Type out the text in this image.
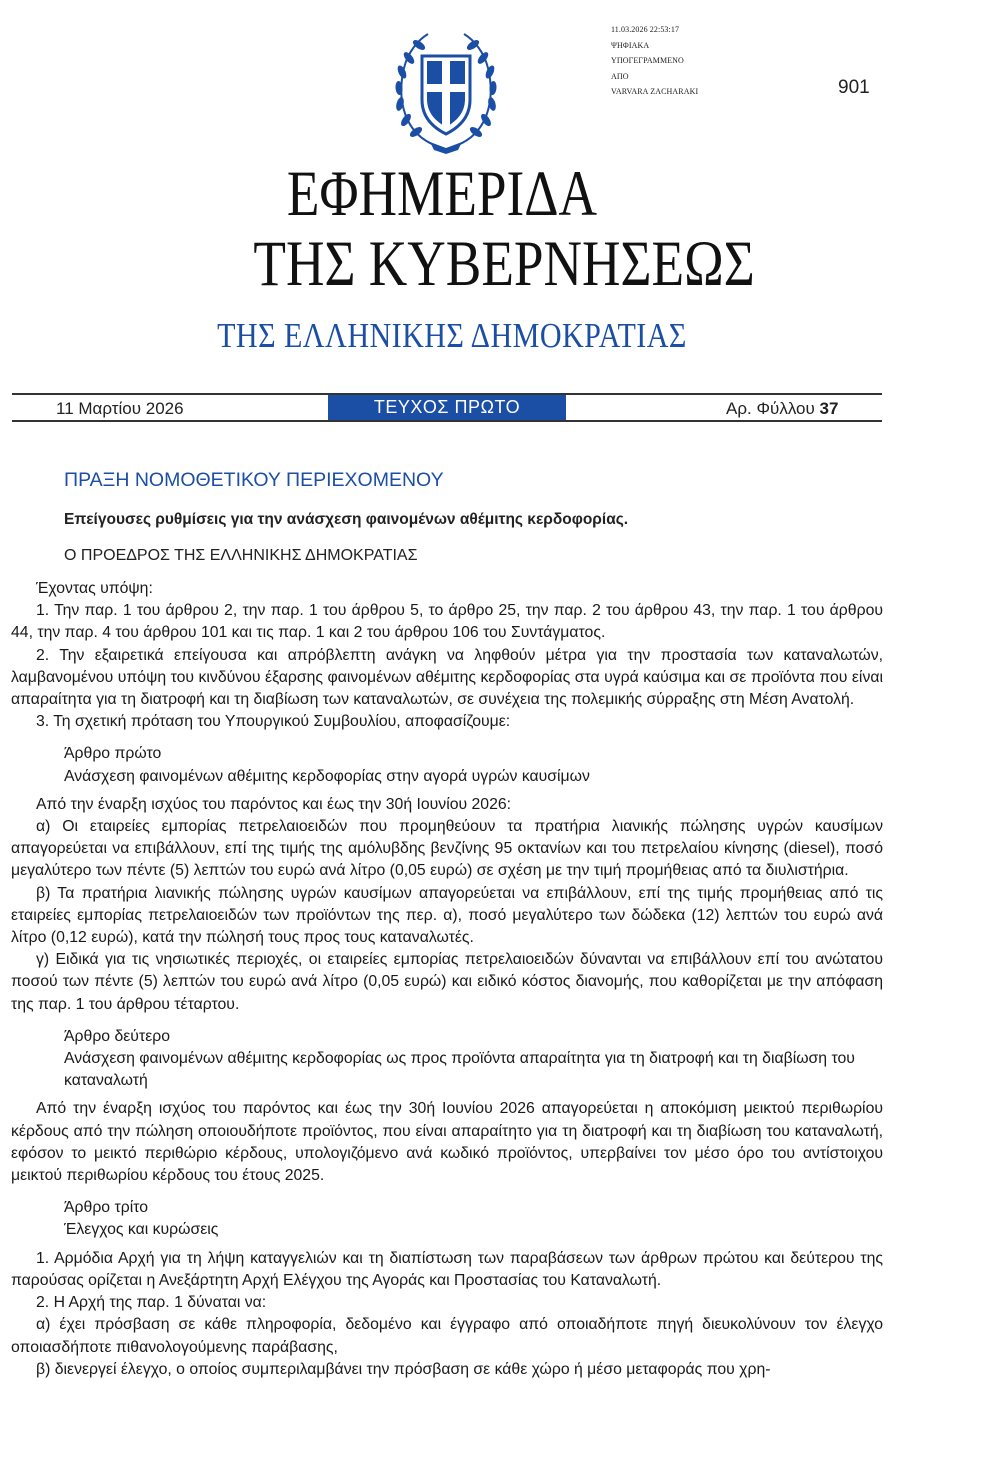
11.03.2026 22:53:17
ΨΗΦΙΑΚΑ
ΥΠΟΓΕΓΡΑΜΜΕΝΟ
ΑΠΟ
VARVARA ZACHARAKI	901
ΕΦΗΜΕΡΙΔΑ
ΤΗΣ ΚΥΒΕΡΝΗΣΕΩΣ
ΤΗΣ ΕΛΛΗΝΙΚΗΣ ΔΗΜΟΚΡΑΤΙΑΣ
11 Μαρτίου 2026	ΤΕΥΧΟΣ ΠΡΩΤΟ	Αρ. Φύλλου 37
ΠΡΑΞΗ ΝΟΜΟΘΕΤΙΚΟΥ ΠΕΡΙΕΧΟΜΕΝΟΥ
Επείγουσες ρυθμίσεις για την ανάσχεση φαινομένων αθέμιτης κερδοφορίας.
Ο ΠΡΟΕΔΡΟΣ ΤΗΣ ΕΛΛΗΝΙΚΗΣ ΔΗΜΟΚΡΑΤΙΑΣ

Έχοντας υπόψη:

1. Την παρ. 1 του άρθρου 2, την παρ. 1 του άρθρου 5, το άρθρο 25, την παρ. 2 του άρθρου 43, την παρ. 1 του άρθρου 44, την παρ. 4 του άρθρου 101 και τις παρ. 1 και 2 του άρθρου 106 του Συντάγματος.

2. Την εξαιρετικά επείγουσα και απρόβλεπτη ανάγκη να ληφθούν μέτρα για την προστασία των καταναλωτών, λαμβανομένου υπόψη του κινδύνου έξαρσης φαινομένων αθέμιτης κερδοφορίας στα υγρά καύσιμα και σε προϊόντα που είναι απαραίτητα για τη διατροφή και τη διαβίωση των καταναλωτών, σε συνέχεια της πολεμικής σύρραξης στη Μέση Ανατολή.

3. Τη σχετική πρόταση του Υπουργικού Συμβουλίου, αποφασίζουμε:

Άρθρο πρώτο
Ανάσχεση φαινομένων αθέμιτης κερδοφορίας στην αγορά υγρών καυσίμων

Από την έναρξη ισχύος του παρόντος και έως την 30ή Ιουνίου 2026:

α) Οι εταιρείες εμπορίας πετρελαιοειδών που προμηθεύουν τα πρατήρια λιανικής πώλησης υγρών καυσίμων απαγορεύεται να επιβάλλουν, επί της τιμής της αμόλυβδης βενζίνης 95 οκτανίων και του πετρελαίου κίνησης (diesel), ποσό μεγαλύτερο των πέντε (5) λεπτών του ευρώ ανά λίτρο (0,05 ευρώ) σε σχέση με την τιμή προμήθειας από τα διυλιστήρια.

β) Τα πρατήρια λιανικής πώλησης υγρών καυσίμων απαγορεύεται να επιβάλλουν, επί της τιμής προμήθειας από τις εταιρείες εμπορίας πετρελαιοειδών των προϊόντων της περ. α), ποσό μεγαλύτερο των δώδεκα (12) λεπτών του ευρώ ανά λίτρο (0,12 ευρώ), κατά την πώλησή τους προς τους καταναλωτές.

γ) Ειδικά για τις νησιωτικές περιοχές, οι εταιρείες εμπορίας πετρελαιοειδών δύνανται να επιβάλλουν επί του ανώτατου ποσού των πέντε (5) λεπτών του ευρώ ανά λίτρο (0,05 ευρώ) και ειδικό κόστος διανομής, που καθορίζεται με την απόφαση της παρ. 1 του άρθρου τέταρτου.

Άρθρο δεύτερο
Ανάσχεση φαινομένων αθέμιτης κερδοφορίας ως προς προϊόντα απαραίτητα για τη διατροφή και τη διαβίωση του καταναλωτή

Από την έναρξη ισχύος του παρόντος και έως την 30ή Ιουνίου 2026 απαγορεύεται η αποκόμιση μεικτού περιθωρίου κέρδους από την πώληση οποιουδήποτε προϊόντος, που είναι απαραίτητο για τη διατροφή και τη διαβίωση του καταναλωτή, εφόσον το μεικτό περιθώριο κέρδους, υπολογιζόμενο ανά κωδικό προϊόντος, υπερβαίνει τον μέσο όρο του αντίστοιχου μεικτού περιθωρίου κέρδους του έτους 2025.

Άρθρο τρίτο
Έλεγχος και κυρώσεις

1. Αρμόδια Αρχή για τη λήψη καταγγελιών και τη διαπίστωση των παραβάσεων των άρθρων πρώτου και δεύτερου της παρούσας ορίζεται η Ανεξάρτητη Αρχή Ελέγχου της Αγοράς και Προστασίας του Καταναλωτή.

2. Η Αρχή της παρ. 1 δύναται να:

α) έχει πρόσβαση σε κάθε πληροφορία, δεδομένο και έγγραφο από οποιαδήποτε πηγή διευκολύνουν τον έλεγχο οποιασδήποτε πιθανολογούμενης παράβασης,

β) διενεργεί έλεγχο, ο οποίος συμπεριλαμβάνει την πρόσβαση σε κάθε χώρο ή μέσο μεταφοράς που χρη-
